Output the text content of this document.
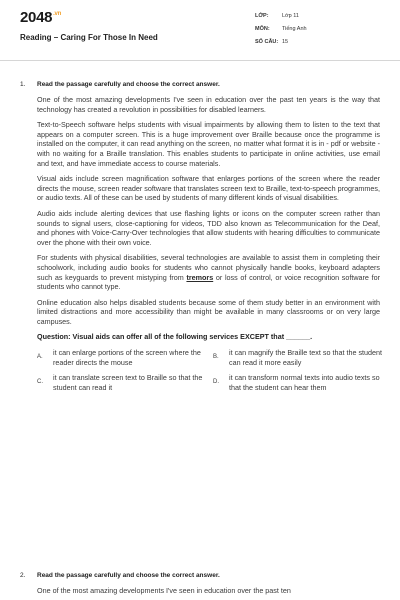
$2048^{.vn}$
Reading – Caring For Those In Need
LỚP:	Lớp 11
MÔN:	Tiếng Anh
SỐ CÂU: 15
1. Read the passage carefully and choose the correct answer.

One of the most amazing developments I've seen in education over the past ten years is the way that technology has created a revolution in possibilities for disabled learners.

Text-to-Speech software helps students with visual impairments by allowing them to listen to the text that appears on a computer screen. This is a huge improvement over Braille because once the programme is installed on the computer, it can read anything on the screen, no matter what format it is in - pdf or website - with no waiting for a Braille translation. This enables students to participate in online activities, use email and text, and have immediate access to course materials.

Visual aids include screen magnification software that enlarges portions of the screen where the reader directs the mouse, screen reader software that translates screen text to Braille, text-to-speech programmes, or audio texts. All of these can be used by students of many different kinds of visual disabilities.

Audio aids include alerting devices that use flashing lights or icons on the computer screen rather than sounds to signal users, close-captioning for videos, TDD also known as Telecommunication for the Deaf, and phones with Voice-Carry-Over technologies that allow students with hearing difficulties to communicate over the phone with their own voice.

For students with physical disabilities, several technologies are available to assist them in completing their schoolwork, including audio books for students who cannot physically handle books, keyboard adapters such as keyguards to prevent mistyping from tremors or loss of control, or voice recognition software for students who cannot type.

Online education also helps disabled students because some of them study better in an environment with limited distractions and more accessibility than might be available in many classrooms or on very large campuses.

Question: Visual aids can offer all of the following services EXCEPT that ______.
A.	it can enlarge portions of the screen where the reader directs the mouse
B.	it can magnify the Braille text so that the student can read it more easily
C.	it can translate screen text to Braille so that the student can read it
D.	it can transform normal texts into audio texts so that the student can hear them
2. Read the passage carefully and choose the correct answer.
One of the most amazing developments I've seen in education over the past ten
